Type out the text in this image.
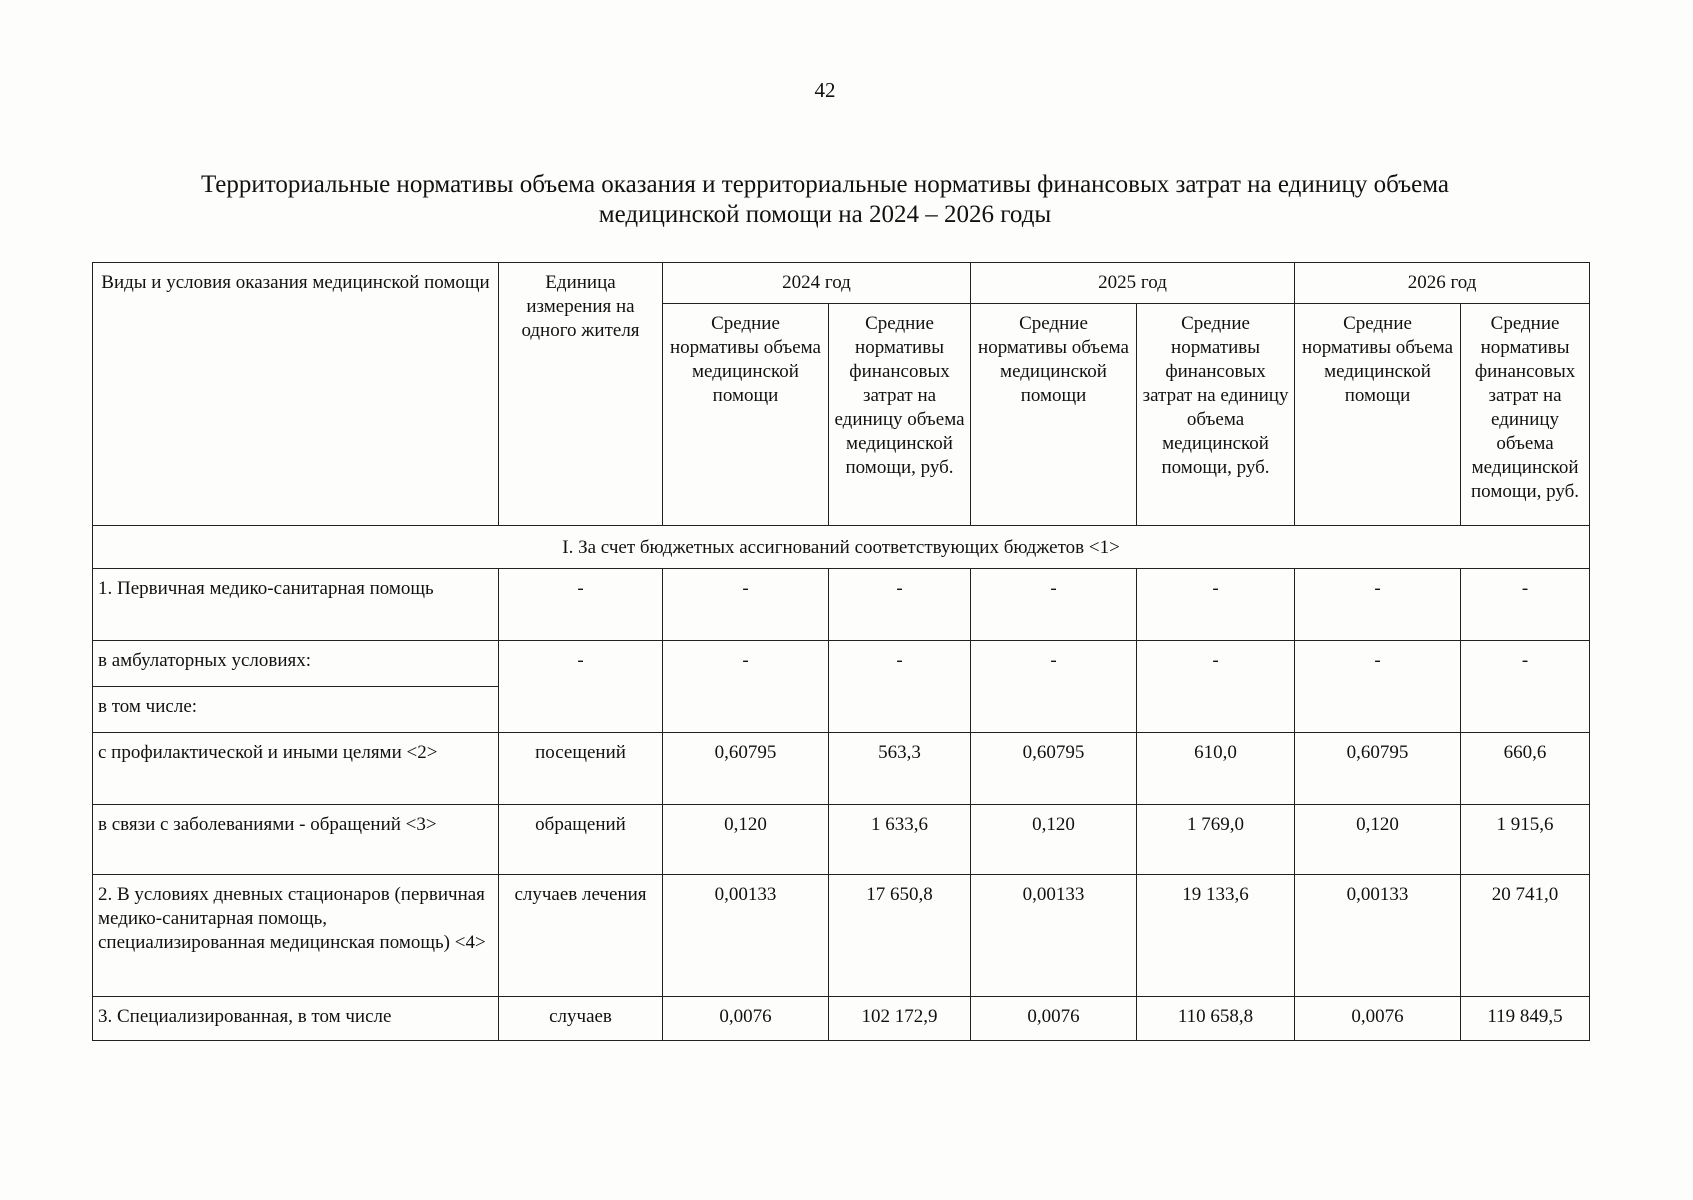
42
Территориальные нормативы объема оказания и территориальные нормативы финансовых затрат на единицу объема
медицинской помощи на 2024 – 2026 годы
Виды и условия оказания медицинской помощи	Единица измерения на одного жителя	2024 год		2025 год		2026 год	
		Средние нормативы объема медицинской помощи	Средние нормативы финансовых затрат на единицу объема медицинской помощи, руб.	Средние нормативы объема медицинской помощи	Средние нормативы финансовых затрат на единицу объема медицинской помощи, руб.	Средние нормативы объема медицинской помощи	Средние нормативы финансовых затрат на единицу объема медицинской помощи, руб.
I. За счет бюджетных ассигнований соответствующих бюджетов <1>							
1. Первичная медико-санитарная помощь	-	-	-	-	-	-	-
в амбулаторных условиях:	-	-	-	-	-	-	-
в том числе:							
с профилактической и иными целями <2>	посещений	0,60795	563,3	0,60795	610,0	0,60795	660,6
в связи с заболеваниями - обращений <3>	обращений	0,120	1 633,6	0,120	1 769,0	0,120	1 915,6
2. В условиях дневных стационаров (первичная медико-санитарная помощь, специализированная медицинская помощь) <4>	случаев лечения	0,00133	17 650,8	0,00133	19 133,6	0,00133	20 741,0
3. Специализированная, в том числе	случаев	0,0076	102 172,9	0,0076	110 658,8	0,0076	119 849,5
